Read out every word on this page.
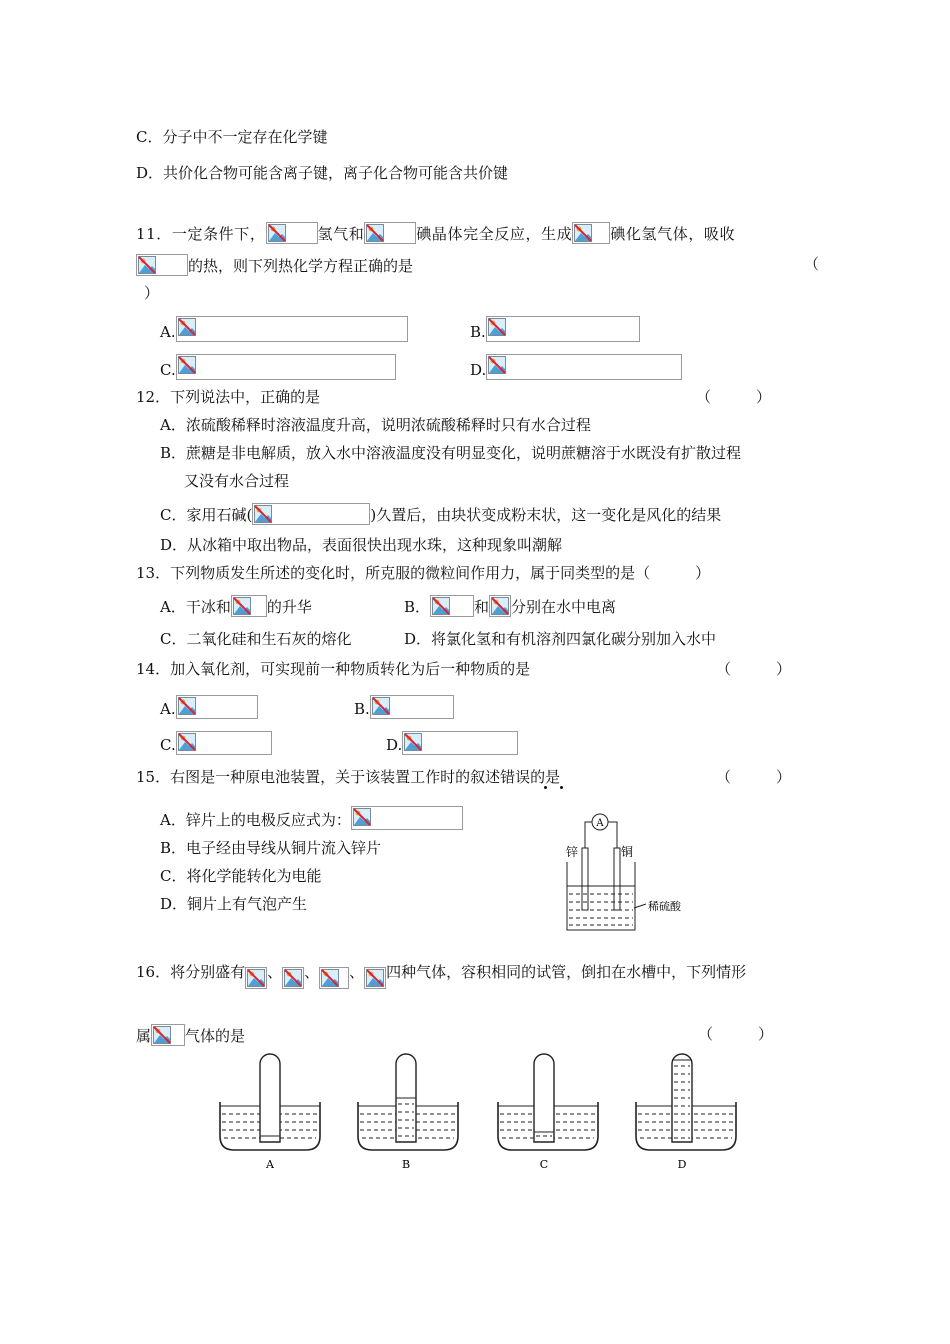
C．分子中不一定存在化学键
D．共价化合物可能含离子键，离子化合物可能含共价键
11．一定条件下，	氢气和	碘晶体完全反应，生成	碘化氢气体，吸收
的热，则下列热化学方程正确的是	（
）
A.	B.
C.	D.
12．下列说法中，正确的是	（　　　）
A．浓硫酸稀释时溶液温度升高，说明浓硫酸稀释时只有水合过程
B．蔗糖是非电解质，放入水中溶液温度没有明显变化，说明蔗糖溶于水既没有扩散过程
又没有水合过程
C．家用石碱(	)久置后，由块状变成粉末状，这一变化是风化的结果
D．从冰箱中取出物品，表面很快出现水珠，这种现象叫潮解
13．下列物质发生所述的变化时，所克服的微粒间作用力，属于同类型的是（　　　）
A．干冰和 的升华	B．	和 分别在水中电离
C．二氧化硅和生石灰的熔化	D．将氯化氢和有机溶剂四氯化碳分别加入水中
14．加入氧化剂，可实现前一种物质转化为后一种物质的是	（　　　）
A.	B.
C.	D.
15．右图是一种原电池装置，关于该装置工作时的叙述错误的是	（　　　）
A．锌片上的电极反应式为：
B．电子经由导线从铜片流入锌片
C．将化学能转化为电能
D．铜片上有气泡产生
A
锌	铜
稀硫酸
16．将分别盛有 、 、 、 四种气体，容积相同的试管，倒扣在水槽中，下列情形
属 气体的是	（　　　）
A	B	C	D
